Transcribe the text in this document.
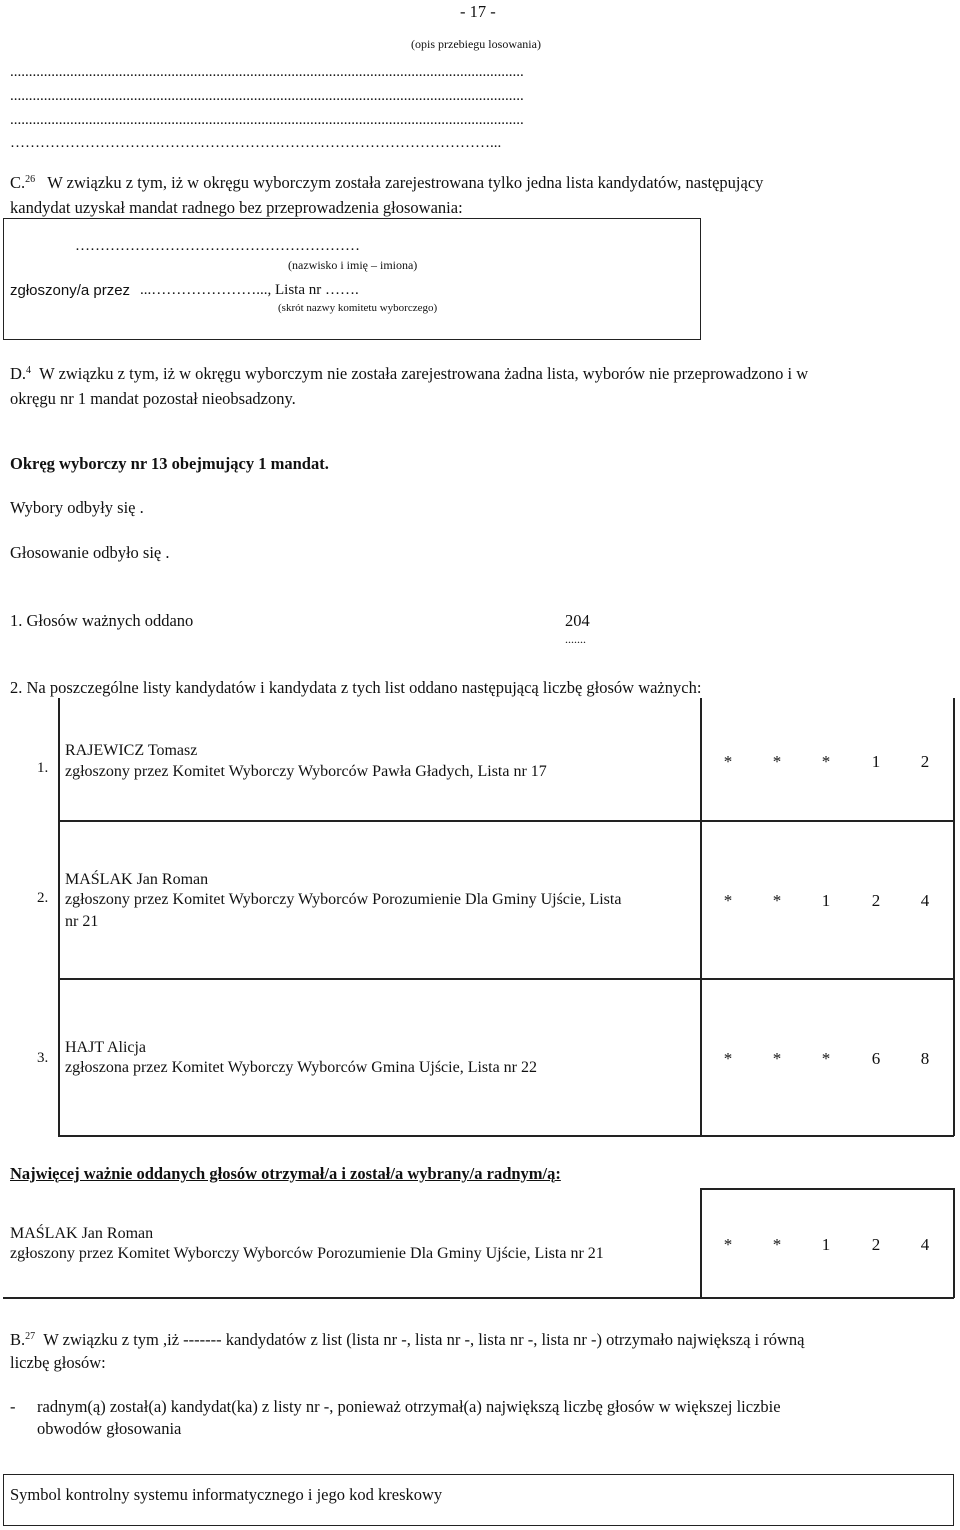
- 17 -
(opis przebiegu losowania)
.........................................................................................................................................
.........................................................................................................................................
.........................................................................................................................................
……………………………………………………………………………………...
C.$^{26}$ W związku z tym, iż w okręgu wyborczym została zarejestrowana tylko jedna lista kandydatów, następujący
kandydat uzyskał mandat radnego bez przeprowadzenia głosowania:
…………………………………………………
(nazwisko i imię – imiona)
zgłoszony/a przez ...…………………..., Lista nr …….
(skrót nazwy komitetu wyborczego)
D.$^4$ W związku z tym, iż w okręgu wyborczym nie została zarejestrowana żadna lista, wyborów nie przeprowadzono i w
okręgu nr 1 mandat pozostał nieobsadzony.
Okręg wyborczy nr 13 obejmujący 1 mandat.
Wybory odbyły się .
Głosowanie odbyło się .
1. Głosów ważnych oddano	204
.......
2. Na poszczególne listy kandydatów i kandydata z tych list oddano następującą liczbę głosów ważnych:
1.
RAJEWICZ Tomasz
zgłoszony przez Komitet Wyborczy Wyborców Pawła Gładych, Lista nr 17
*	*	*	1	2
2.
MAŚLAK Jan Roman
zgłoszony przez Komitet Wyborczy Wyborców Porozumienie Dla Gminy Ujście, Lista
nr 21
*	*	1	2	4
3.
HAJT Alicja
zgłoszona przez Komitet Wyborczy Wyborców Gmina Ujście, Lista nr 22	*	*	*	6	8
Najwięcej ważnie oddanych głosów otrzymał/a i został/a wybrany/a radnym/ą:
MAŚLAK Jan Roman
zgłoszony przez Komitet Wyborczy Wyborców Porozumienie Dla Gminy Ujście, Lista nr 21	*	*	1	2	4
B.$^{27}$ W związku z tym ,iż ------- kandydatów z list (lista nr -, lista nr -, lista nr -, lista nr -) otrzymało największą i równą
liczbę głosów:
- radnym(ą) został(a) kandydat(ka) z listy nr -, ponieważ otrzymał(a) największą liczbę głosów w większej liczbie
obwodów głosowania
Symbol kontrolny systemu informatycznego i jego kod kreskowy
